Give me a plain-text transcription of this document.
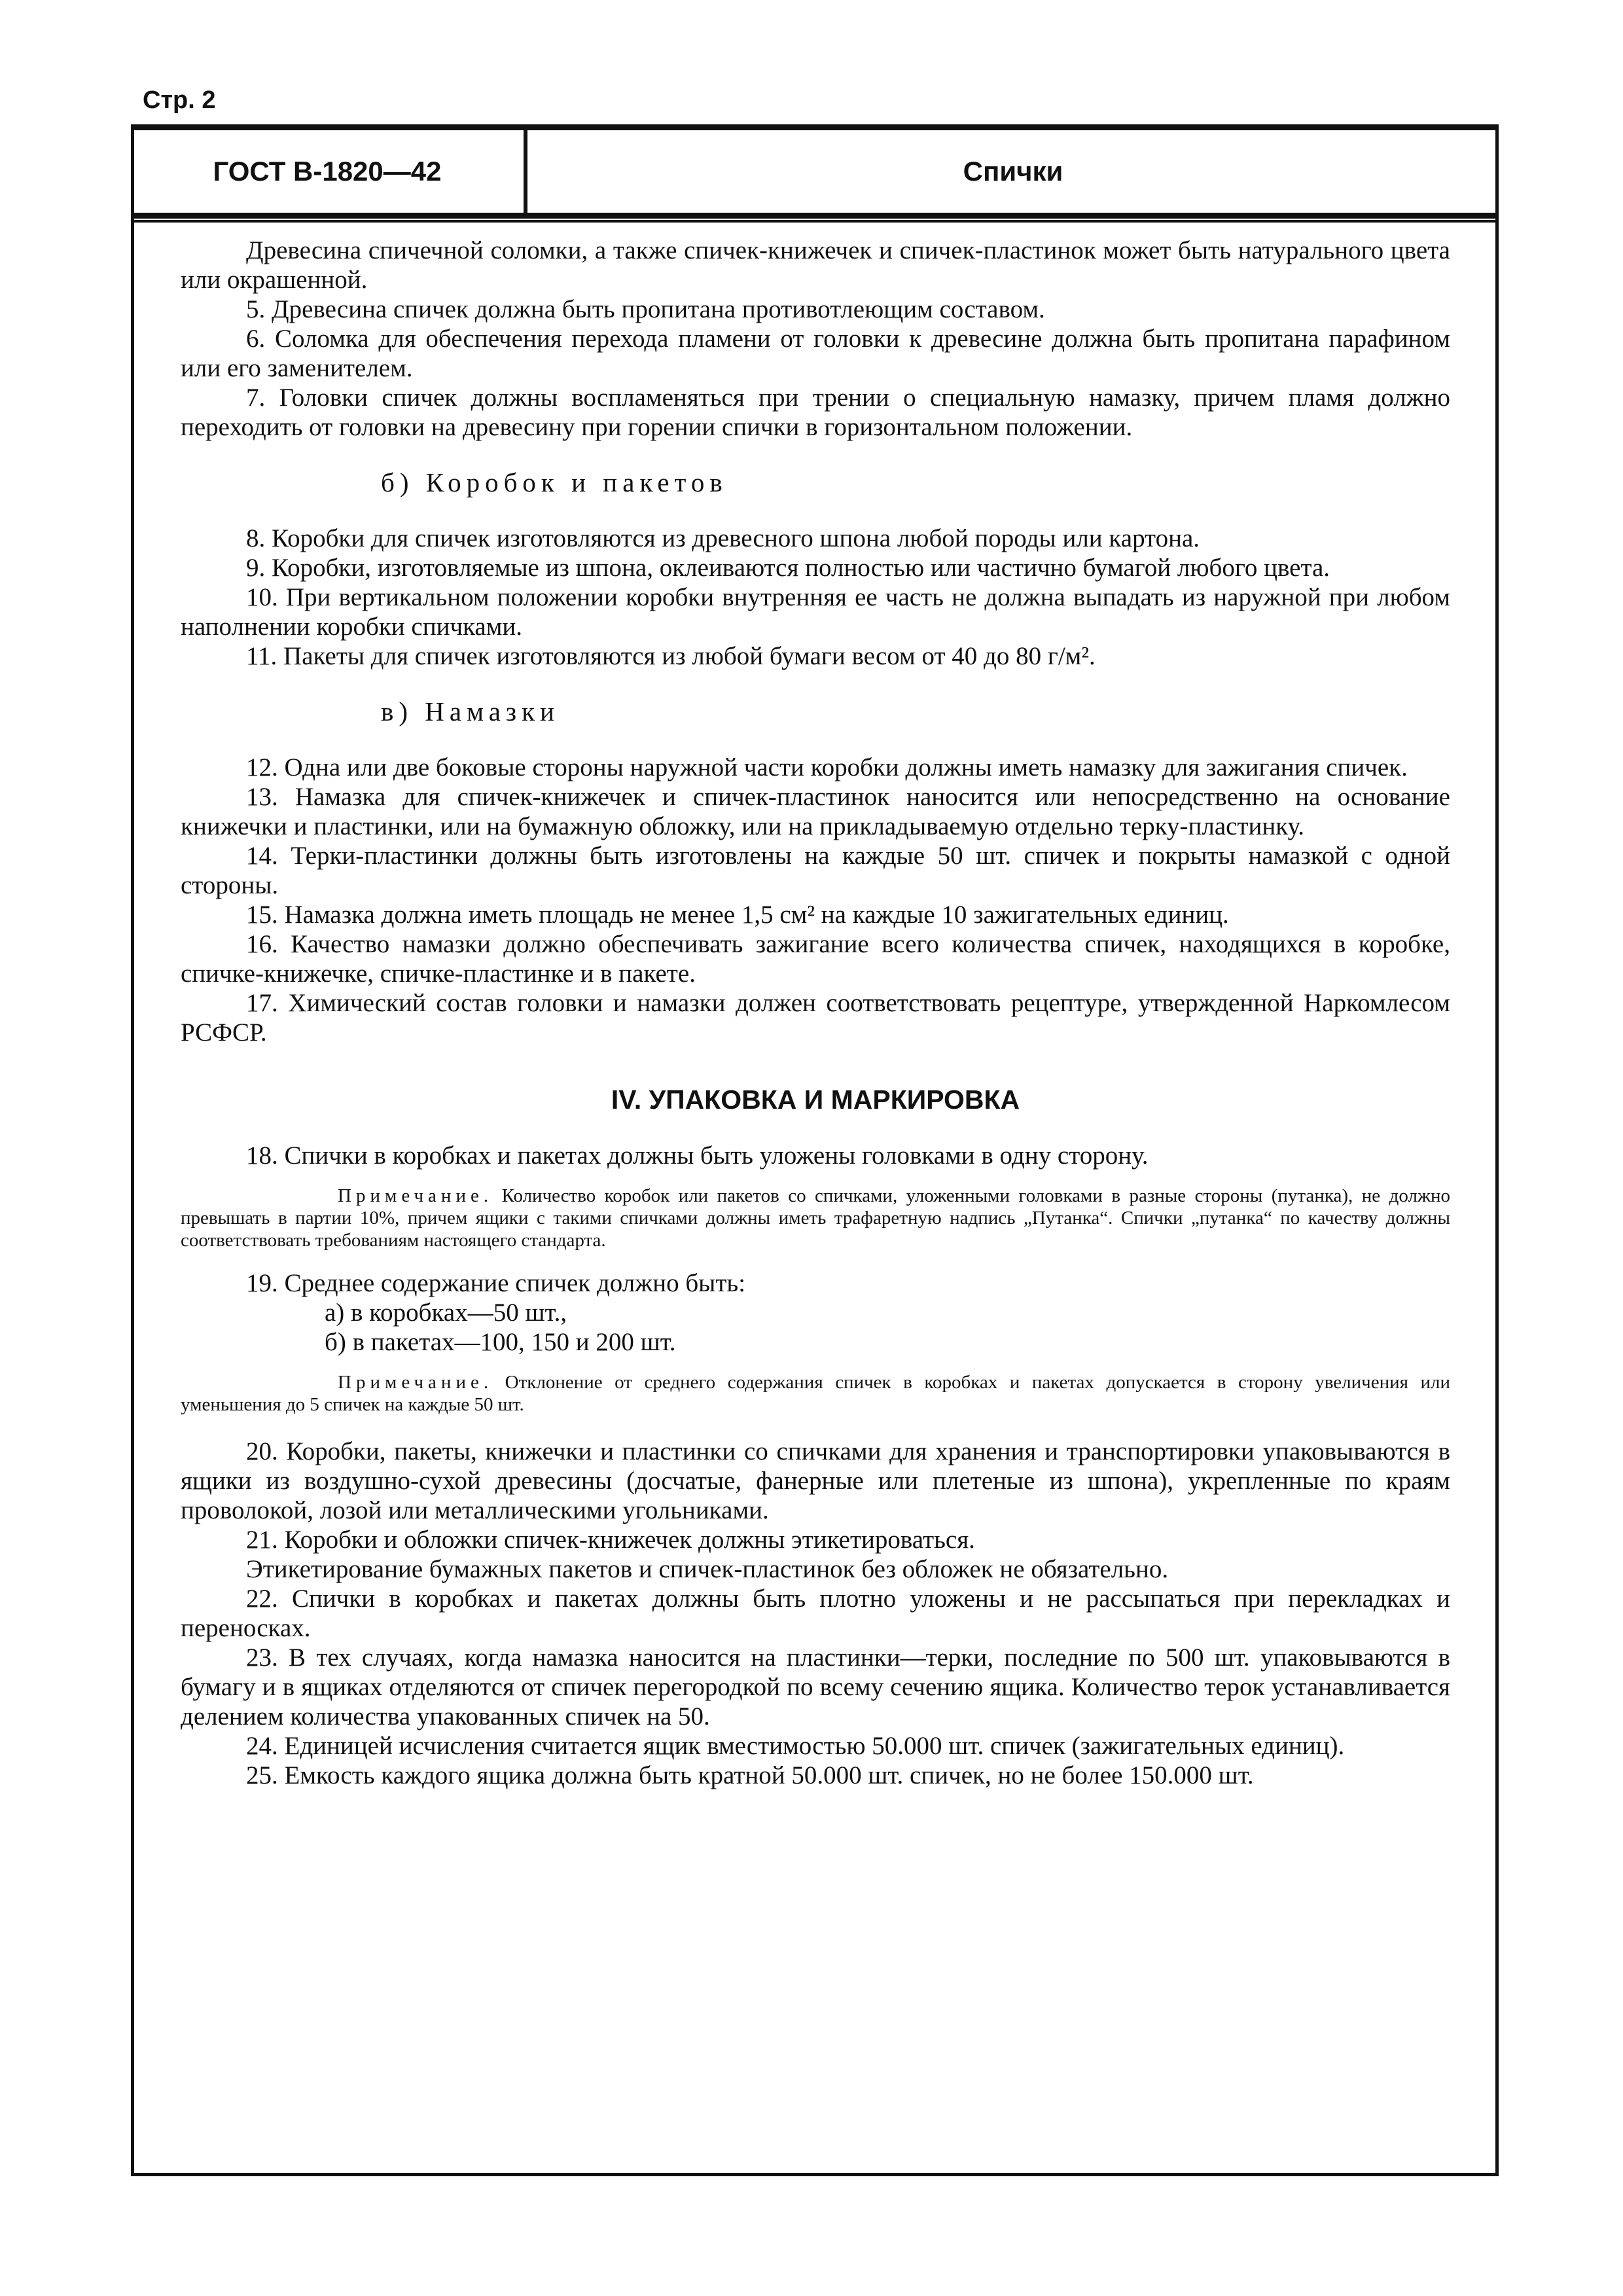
Стр. 2
ГОСТ В-1820—42	Спички

Древесина спичечной соломки, а также спичек-книжечек и спичек-пластинок может быть натурального цвета или окрашенной.

5. Древесина спичек должна быть пропитана противотлеющим составом.

6. Соломка для обеспечения перехода пламени от головки к древесине должна быть пропитана парафином или его заменителем.

7. Головки спичек должны воспламеняться при трении о специальную намазку, причем пламя должно переходить от головки на древесину при горении спички в горизонтальном положении.

б) Коробок и пакетов

8. Коробки для спичек изготовляются из древесного шпона любой породы или картона.

9. Коробки, изготовляемые из шпона, оклеиваются полностью или частично бумагой любого цвета.

10. При вертикальном положении коробки внутренняя ее часть не должна выпадать из наружной при любом наполнении коробки спичками.

11. Пакеты для спичек изготовляются из любой бумаги весом от 40 до 80 г/м².

в) Намазки

12. Одна или две боковые стороны наружной части коробки должны иметь намазку для зажигания спичек.

13. Намазка для спичек-книжечек и спичек-пластинок наносится или непосредственно на основание книжечки и пластинки, или на бумажную обложку, или на прикладываемую отдельно терку-пластинку.

14. Терки-пластинки должны быть изготовлены на каждые 50 шт. спичек и покрыты намазкой с одной стороны.

15. Намазка должна иметь площадь не менее 1,5 см² на каждые 10 зажигательных единиц.

16. Качество намазки должно обеспечивать зажигание всего количества спичек, находящихся в коробке, спичке-книжечке, спичке-пластинке и в пакете.

17. Химический состав головки и намазки должен соответствовать рецептуре, утвержденной Наркомлесом РСФСР.

IV. УПАКОВКА И МАРКИРОВКА

18. Спички в коробках и пакетах должны быть уложены головками в одну сторону.

Примечание. Количество коробок или пакетов со спичками, уложенными головками в разные стороны (путанка), не должно превышать в партии 10%, причем ящики с такими спичками должны иметь трафаретную надпись „Путанка“. Спички „путанка“ по качеству должны соответствовать требованиям настоящего стандарта.

19. Среднее содержание спичек должно быть:

а) в коробках—50 шт.,

б) в пакетах—100, 150 и 200 шт.

Примечание. Отклонение от среднего содержания спичек в коробках и пакетах допускается в сторону увеличения или уменьшения до 5 спичек на каждые 50 шт.

20. Коробки, пакеты, книжечки и пластинки со спичками для хранения и транспортировки упаковываются в ящики из воздушно-сухой древесины (досчатые, фанерные или плетеные из шпона), укрепленные по краям проволокой, лозой или металлическими угольниками.

21. Коробки и обложки спичек-книжечек должны этикетироваться.

Этикетирование бумажных пакетов и спичек-пластинок без обложек не обязательно.

22. Спички в коробках и пакетах должны быть плотно уложены и не рассыпаться при перекладках и переносках.

23. В тех случаях, когда намазка наносится на пластинки—терки, последние по 500 шт. упаковываются в бумагу и в ящиках отделяются от спичек перегородкой по всему сечению ящика. Количество терок устанавливается делением количества упакованных спичек на 50.

24. Единицей исчисления считается ящик вместимостью 50.000 шт. спичек (зажигательных единиц).

25. Емкость каждого ящика должна быть кратной 50.000 шт. спичек, но не более 150.000 шт.
